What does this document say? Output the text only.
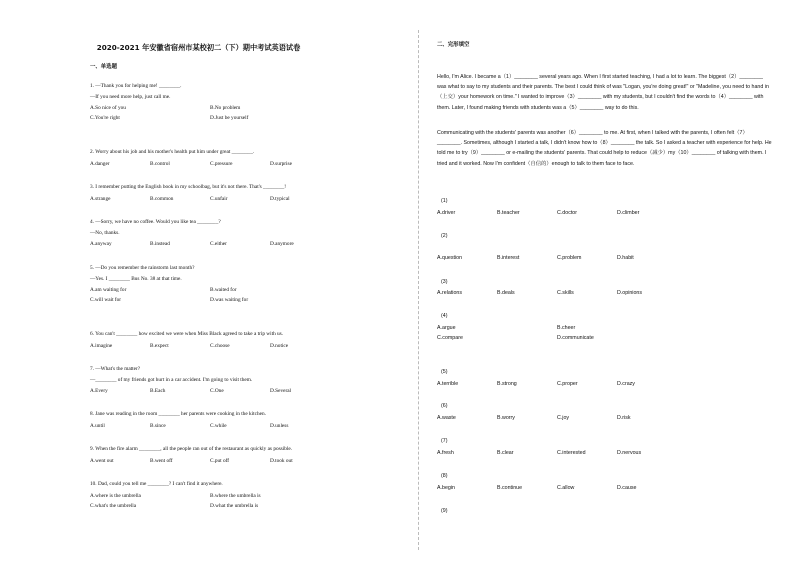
2020-2021 年安徽省宿州市某校初二（下）期中考试英语试卷
一、单选题
1. —Thank you for helping me! ________.
—If you need more help, just call me.
A.So nice of you	B.No problem
C.You're right	D.Just be yourself
2. Worry about his job and his mother's health put him under great ________.
A.danger	B.control	C.pressure	D.surprise
3. I remember putting the English book in my schoolbag, but it's not there. That's ________!
A.strange	B.common	C.unfair	D.typical
4. —Sorry, we have no coffee. Would you like tea ________?
—No, thanks.
A.anyway	B.instead	C.either	D.anymore
5. —Do you remember the rainstorm last month?
—Yes. I ________ Bus No. 38 at that time.
A.am waiting for	B.waited for
C.will wait for	D.was waiting for
6. You can't ________ how excited we were when Miss Black agreed to take a trip with us.
A.imagine	B.expect	C.choose	D.notice
7. —What's the matter?
—________ of my friends got hurt in a car accident. I'm going to visit them.
A.Every	B.Each	C.One	D.Several
8. Jane was reading in the room ________ her parents were cooking in the kitchen.
A.until	B.since	C.while	D.unless
9. When the fire alarm ________, all the people ran out of the restaurant as quickly as possible.
A.went out	B.went off	C.put off	D.took out
10. Dad, could you tell me ________? I can't find it anywhere.
A.where is the umbrella	B.where the umbrella is
C.what's the umbrella	D.what the umbrella is
二、完形填空
Hello, I'm Alice. I became a（1）________ several years ago. When I first started teaching, I had a lot to learn. The biggest（2）________ was what to say to my students and their parents. The best I could think of was "Logan, you're doing great!" or "Madeline, you need to hand in（上交）your homework on time." I wanted to improve（3）________ with my students, but I couldn't find the words to（4）________ with them. Later, I found making friends with students was a（5）________ way to do this.
Communicating with the students' parents was another（6）________ to me. At first, when I talked with the parents, I often felt（7）________. Sometimes, although I started a talk, I didn't know how to（8）________ the talk. So I asked a teacher with experience for help. He told me to try（9）________ or e-mailing the students' parents. That could help to reduce（减少）my（10）________ of talking with them. I tried and it worked. Now I'm confident（自信的）enough to talk to them face to face.
(1)
A.driver	B.teacher	C.doctor	D.climber
(2)
A.question	B.interest	C.problem	D.habit
(3)
A.relations	B.deals	C.skills	D.opinions
(4)
A.argue	B.cheer
C.compare	D.communicate
(5)
A.terrible	B.strong	C.proper	D.crazy
(6)
A.waste	B.worry	C.joy	D.risk
(7)
A.fresh	B.clear	C.interested	D.nervous
(8)
A.begin	B.continue	C.allow	D.cause
(9)
